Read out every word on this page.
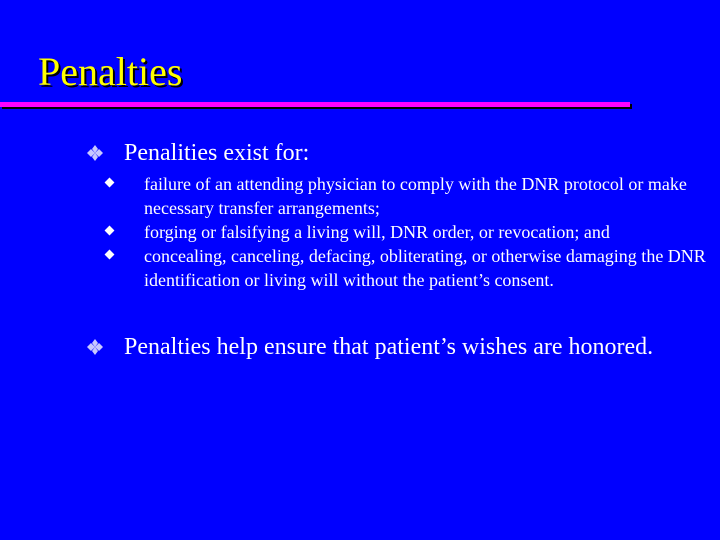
Penalties
Penalities exist for:
failure of an attending physician to comply with the DNR protocol or make necessary transfer arrangements;
forging or falsifying a living will, DNR order, or revocation; and
concealing, canceling, defacing, obliterating, or otherwise damaging the DNR identification or living will without the patient’s consent.
Penalties help ensure that patient’s wishes are honored.
